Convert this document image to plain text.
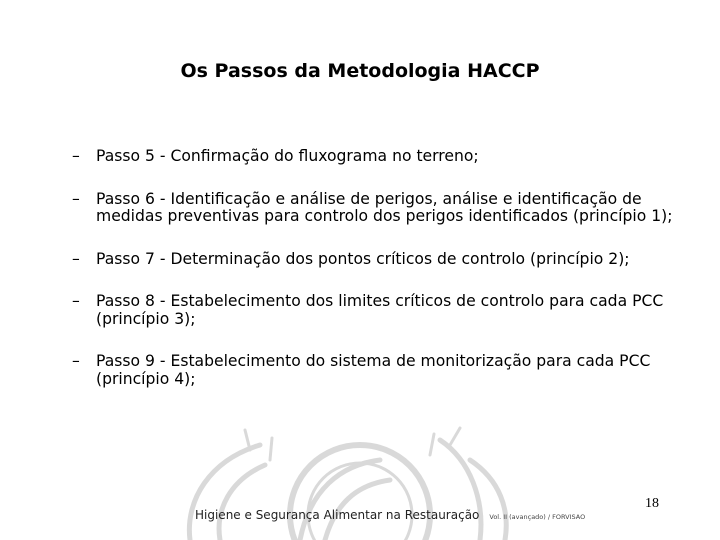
Os Passos da Metodologia HACCP
– Passo 5 - Confirmação do fluxograma no terreno;
– Passo 6 - Identificação e análise de perigos, análise e identificação de medidas preventivas para controlo dos perigos identificados (princípio 1);
– Passo 7 - Determinação dos pontos críticos de controlo (princípio 2);
– Passo 8 - Estabelecimento dos limites críticos de controlo para cada PCC (princípio 3);
– Passo 9 - Estabelecimento do sistema de monitorização para cada PCC (princípio 4);
Higiene e Segurança Alimentar na Restauração Vol. II (avançado) / FORVISAO
18
